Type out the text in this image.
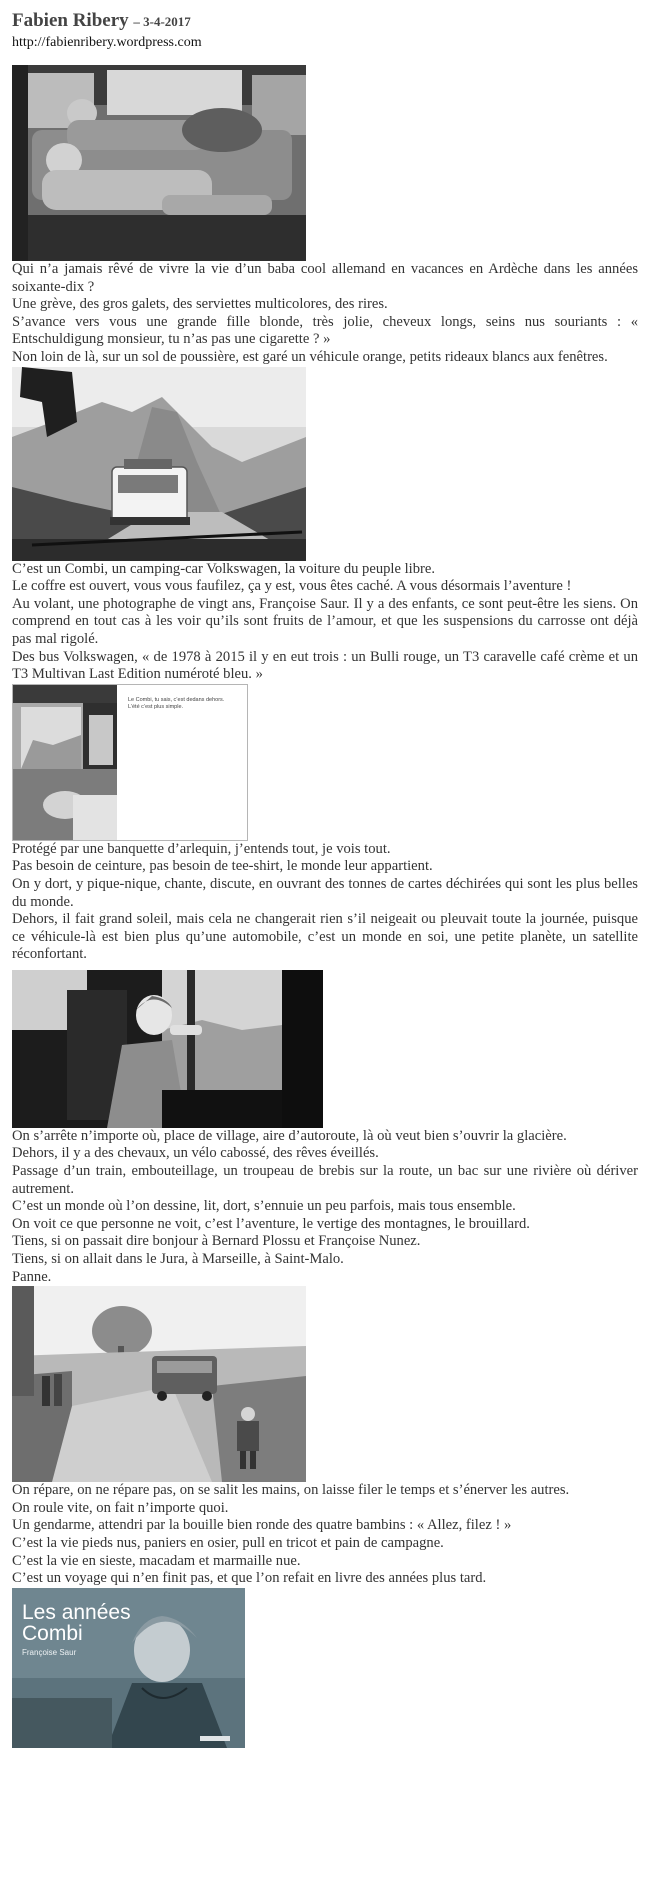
Fabien Ribery – 3-4-2017
http://fabienribery.wordpress.com

Qui n’a jamais rêvé de vivre la vie d’un baba cool allemand en vacances en Ardèche dans les années soixante-dix ?

Une grève, des gros galets, des serviettes multicolores, des rires.

S’avance vers vous une grande fille blonde, très jolie, cheveux longs, seins nus souriants : « Entschuldigung monsieur, tu n’as pas une cigarette ? »

Non loin de là, sur un sol de poussière, est garé un véhicule orange, petits rideaux blancs aux fenêtres.

C’est un Combi, un camping-car Volkswagen, la voiture du peuple libre.

Le coffre est ouvert, vous vous faufilez, ça y est, vous êtes caché. A vous désormais l’aventure !

Au volant, une photographe de vingt ans, Françoise Saur. Il y a des enfants, ce sont peut-être les siens. On comprend en tout cas à les voir qu’ils sont fruits de l’amour, et que les suspensions du carrosse ont déjà pas mal rigolé.

Des bus Volkswagen, « de 1978 à 2015 il y en eut trois : un Bulli rouge, un T3 caravelle café crème et un T3 Multivan Last Edition numéroté bleu. »

Le Combi, tu sais, c’est dedans dehors.
L’été c’est plus simple.

Protégé par une banquette d’arlequin, j’entends tout, je vois tout.

Pas besoin de ceinture, pas besoin de tee-shirt, le monde leur appartient.

On y dort, y pique-nique, chante, discute, en ouvrant des tonnes de cartes déchirées qui sont les plus belles du monde.

Dehors, il fait grand soleil, mais cela ne changerait rien s’il neigeait ou pleuvait toute la journée, puisque ce véhicule-là est bien plus qu’une automobile, c’est un monde en soi, une petite planète, un satellite réconfortant.

On s’arrête n’importe où, place de village, aire d’autoroute, là où veut bien s’ouvrir la glacière.

Dehors, il y a des chevaux, un vélo cabossé, des rêves éveillés.

Passage d’un train, embouteillage, un troupeau de brebis sur la route, un bac sur une rivière où dériver autrement.

C’est un monde où l’on dessine, lit, dort, s’ennuie un peu parfois, mais tous ensemble.

On voit ce que personne ne voit, c’est l’aventure, le vertige des montagnes, le brouillard.

Tiens, si on passait dire bonjour à Bernard Plossu et Françoise Nunez.

Tiens, si on allait dans le Jura, à Marseille, à Saint-Malo.

Panne.

On répare, on ne répare pas, on se salit les mains, on laisse filer le temps et s’énerver les autres.

On roule vite, on fait n’importe quoi.

Un gendarme, attendri par la bouille bien ronde des quatre bambins : « Allez, filez ! »

C’est la vie pieds nus, paniers en osier, pull en tricot et pain de campagne.

C’est la vie en sieste, macadam et marmaille nue.

C’est un voyage qui n’en finit pas, et que l’on refait en livre des années plus tard.

Les années
Combi
Françoise Saur
